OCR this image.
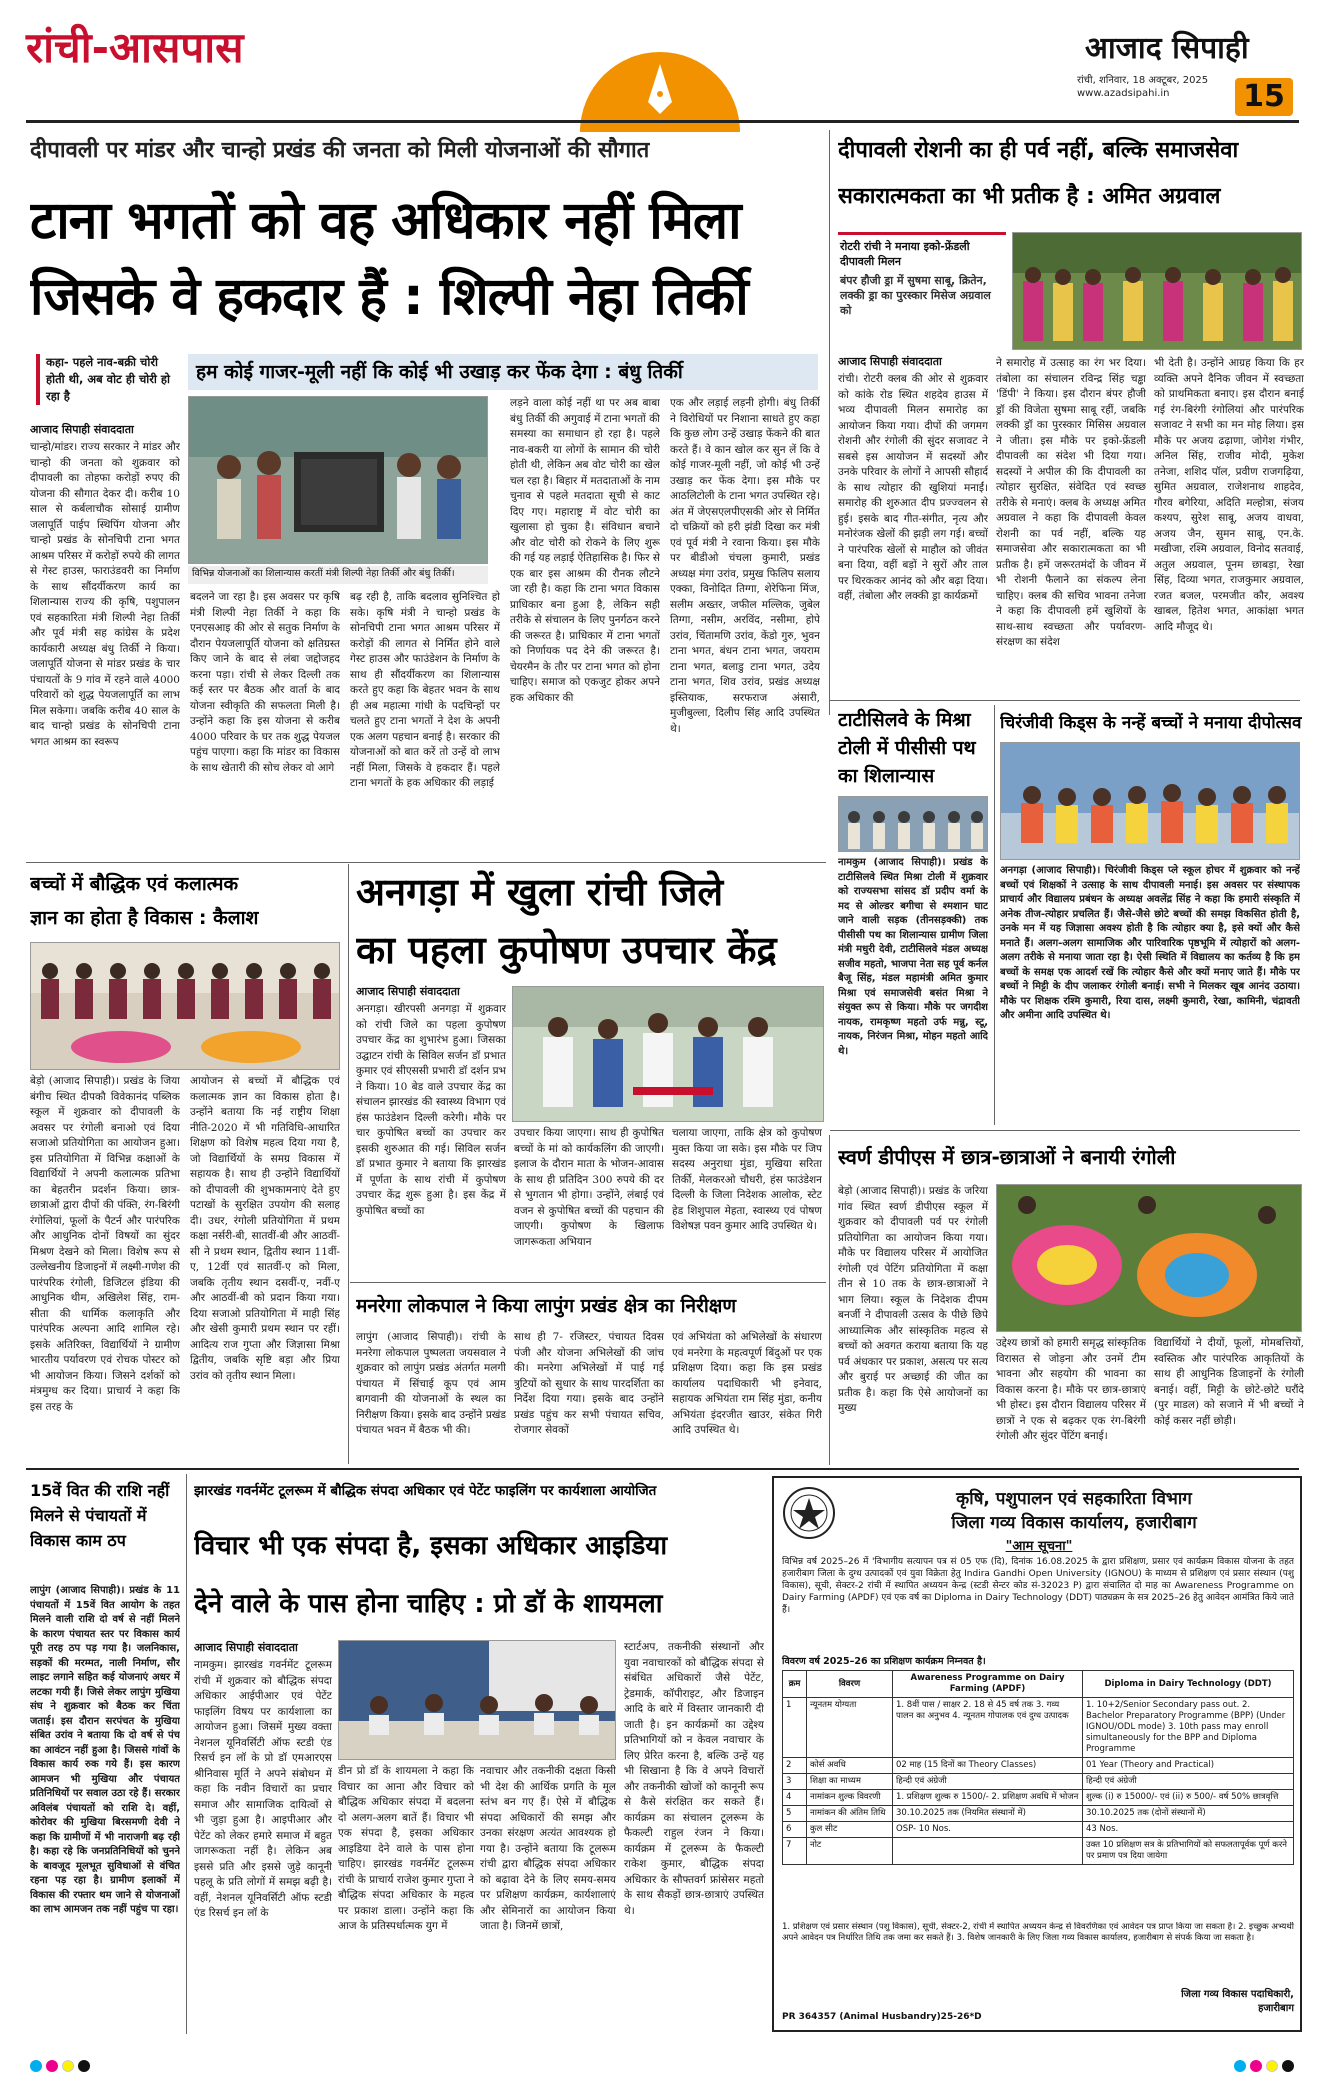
रांची-आसपास	आजाद सिपाही
रांची, शनिवार, 18 अक्टूबर, 2025
www.azadsipahi.in 15
दीपावली पर मांडर और चान्हो प्रखंड की जनता को मिली योजनाओं की सौगात
टाना भगतों को वह अधिकार नहीं मिला
जिसके वे हकदार हैं : शिल्पी नेहा तिर्की
कहा- पहले नाव-बक्री चोरी होती थी, अब वोट ही चोरी हो रहा है
हम कोई गाजर-मूली नहीं कि कोई भी उखाड़ कर फेंक देगा : बंधु तिर्की
विभिन्न योजनाओं का शिलान्यास करतीं मंत्री शिल्पी नेहा तिर्की और बंधु तिर्की।
आजाद सिपाही संवाददाता
चान्हो/मांडर। राज्य सरकार ने मांडर और चान्हो की जनता को शुक्रवार को दीपावली का तोहफा करोड़ों रुपए की योजना की सौगात देकर दी। करीब 10 साल से कर्बलाचौक सोसाई ग्रामीण जलापूर्ति पाईप स्थिपिंग योजना और चान्हो प्रखंड के सोनचिपी टाना भगत आश्रम परिसर में करोड़ों रुपये की लागत से गेस्ट हाउस, फाराउंडवरी का निर्माण के साथ सौंदर्यीकरण कार्य का शिलान्यास राज्य की कृषि, पशुपालन एवं सहकारिता मंत्री शिल्पी नेहा तिर्की और पूर्व मंत्री सह कांग्रेस के प्रदेश कार्यकारी अध्यक्ष बंधु तिर्की ने किया। जलापूर्ति योजना से मांडर प्रखंड के चार पंचायतों के 9 गांव में रहने वाले 4000 परिवारों को शुद्ध पेयजलापूर्ति का लाभ मिल सकेगा। जबकि करीब 40 साल के बाद चान्हो प्रखंड के सोनचिपी टाना भगत आश्रम का स्वरूप
बदलने जा रहा है। इस अवसर पर कृषि मंत्री शिल्पी नेहा तिर्की ने कहा कि एनएसआइ की ओर से सतुक निर्माण के दौरान पेयजलापूर्ति योजना को क्षतिग्रस्त किए जाने के बाद से लंबा जद्दोजहद करना पड़ा। रांची से लेकर दिल्ली तक कई स्तर पर बैठक और वार्ता के बाद योजना स्वीकृति की सफलता मिली है। उन्होंने कहा कि इस योजना से करीब 4000 परिवार के घर तक शुद्ध पेयजल पहुंच पाएगा। कहा कि मांडर का विकास के साथ खेतारी की सोच लेकर वो आगे
बढ़ रही है, ताकि बदलाव सुनिश्चित हो सके। कृषि मंत्री ने चान्हो प्रखंड के सोनचिपी टाना भगत आश्रम परिसर में करोड़ों की लागत से निर्मित होने वाले गेस्ट हाउस और फाउंडेशन के निर्माण के साथ ही सौंदर्यीकरण का शिलान्यास करते हुए कहा कि बेहतर भवन के साथ ही अब महात्मा गांधी के पदचिन्हों पर चलते हुए टाना भगतों ने देश के अपनी एक अलग पहचान बनाई है। सरकार की योजनाओं को बात करें तो उन्हें वो लाभ नहीं मिला, जिसके वे हकदार हैं। पहले टाना भगतों के हक अधिकार की लड़ाई
लड़ने वाला कोई नहीं था पर अब बाबा बंधु तिर्की की अगुवाई में टाना भगतों की समस्या का समाधान हो रहा है। पहले नाव-बकरी या लोगों के सामान की चोरी होती थी, लेकिन अब वोट चोरी का खेल चल रहा है। बिहार में मतदाताओं के नाम चुनाव से पहले मतदाता सूची से काट दिए गए। महाराष्ट्र में वोट चोरी का खुलासा हो चुका है। संविधान बचाने और वोट चोरी को रोकने के लिए शुरू की गई यह लड़ाई ऐतिहासिक है। फिर से एक बार इस आश्रम की रौनक लौटने जा रही है। कहा कि टाना भगत विकास प्राधिकार बना हुआ है, लेकिन सही तरीके से संचालन के लिए पुनर्गठन करने की जरूरत है। प्राधिकार में टाना भगतों को निर्णायक पद देने की जरूरत है। चेयरमैन के तौर पर टाना भगत को होना चाहिए। समाज को एकजुट होकर अपने हक अधिकार की
एक और लड़ाई लड़नी होगी। बंधु तिर्की ने विरोधियों पर निशाना साधते हुए कहा कि कुछ लोग उन्हें उखाड़ फेंकने की बात करते हैं। वे कान खोल कर सुन लें कि वे कोई गाजर-मूली नहीं, जो कोई भी उन्हें उखाड़ कर फेंक देगा। इस मौके पर आठलिटोली के टाना भगत उपस्थित रहे। अंत में जेएसएलपीएसकी ओर से निर्मित दो चक्रियों को हरी झंडी दिखा कर मंत्री एवं पूर्व मंत्री ने रवाना किया। इस मौके पर बीडीओ चंचला कुमारी, प्रखंड अध्यक्ष मंगा उरांव, प्रमुख फिलिप सलाय एक्का, विनोदित तिग्गा, शेरेफिना मिंज, सलीम अख्तर, जफील मल्लिक, जुबेल तिग्गा, नसीम, अरविंद, नसीमा, होपे उरांव, चिंतामणि उरांव, केंडो गुरु, भुवन टाना भगत, बंधन टाना भगत, जयराम टाना भगत, बलाडु टाना भगत, उदेय टाना भगत, शिव उरांव, प्रखंड अध्यक्ष इस्तियाक, सरफराज अंसारी, मुजीबुल्ला, दिलीप सिंह आदि उपस्थित थे।
दीपावली रोशनी का ही पर्व नहीं, बल्कि समाजसेवा
सकारात्मकता का भी प्रतीक है : अमित अग्रवाल
रोटरी रांची ने मनाया इको-फ्रेंडली दीपावली मिलन
बंपर हौजी ड्रा में सुषमा साबू, क्रितेन, लक्की ड्रा का पुरस्कार मिसेज अग्रवाल को
आजाद सिपाही संवाददाता
रांची। रोटरी क्लब की ओर से शुक्रवार को कांके रोड स्थित शहदेव हाउस में भव्य दीपावली मिलन समारोह का आयोजन किया गया। दीपों की जगमग रोशनी और रंगोली की सुंदर सजावट ने सबसे इस आयोजन में सदस्यों और उनके परिवार के लोगों ने आपसी सौहार्द के साथ त्योहार की खुशियां मनाईं। समारोह की शुरुआत दीप प्रज्ज्वलन से हुई। इसके बाद गीत-संगीत, नृत्य और मनोरंजक खेलों की झड़ी लग गई। बच्चों ने पारंपरिक खेलों से माहौल को जीवंत बना दिया, वहीं बड़ों ने सुरों और ताल पर थिरककर आनंद को और बढ़ा दिया। वहीं, तंबोला और लक्की ड्रा कार्यक्रमों
ने समारोह में उत्साह का रंग भर दिया। तंबोला का संचालन रविन्द्र सिंह चड्ढा 'डिंपी' ने किया। इस दौरान बंपर हौजी ड्रॉ की विजेता सुषमा साबू रहीं, जबकि लक्की ड्रॉ का पुरस्कार मिसिस अग्रवाल ने जीता। इस मौके पर इको-फ्रेंडली दीपावली का संदेश भी दिया गया। सदस्यों ने अपील की कि दीपावली का त्योहार सुरक्षित, संवेदित एवं स्वच्छ तरीके से मनाएं। क्लब के अध्यक्ष अमित अग्रवाल ने कहा कि दीपावली केवल रोशनी का पर्व नहीं, बल्कि यह समाजसेवा और सकारात्मकता का भी प्रतीक है। हमें जरूरतमंदों के जीवन में भी रोशनी फैलाने का संकल्प लेना चाहिए। क्लब की सचिव भावना तनेजा ने कहा कि दीपावली हमें खुशियों के साथ-साथ स्वच्छता और पर्यावरण-संरक्षण का संदेश
भी देती है। उन्होंने आग्रह किया कि हर व्यक्ति अपने दैनिक जीवन में स्वच्छता को प्राथमिकता बनाए। इस दौरान बनाई गई रंग-बिरंगी रंगोलियां और पारंपरिक सजावट ने सभी का मन मोह लिया। इस मौके पर अजय ढढ़ाणा, जोगेश गंभीर, अनिल सिंह, राजीव मोदी, मुकेश तनेजा, शशिद पॉल, प्रवीण राजगढ़िया, सुमित अग्रवाल, राजेशनाथ शाहदेव, गौरव बगेरिया, अदिति मल्होत्रा, संजय कश्यप, सुरेश साबू, अजय वाधवा, अजय जैन, सुमन साबू, एन.के. मखीजा, रश्मि अग्रवाल, विनोद सतवाई, अतुल अग्रवाल, पूनम छाबड़ा, रेखा सिंह, दिव्या भगत, राजकुमार अग्रवाल, रजत बजल, परमजीत कौर, अवश्य खाबल, हितेश भगत, आकांक्षा भगत आदि मौजूद थे।
टाटीसिलवे के मिश्रा टोली में पीसीसी पथ का शिलान्यास
नामकुम (आजाद सिपाही)। प्रखंड के टाटीसिलवे स्थित मिश्रा टोली में शुक्रवार को राज्यसभा सांसद डॉ प्रदीप वर्मा के मद से ओल्डर बगीचा से श्मशान घाट जाने वाली सड़क (तीनसड़क्की) तक पीसीसी पथ का शिलान्यास ग्रामीण जिला मंत्री मधुरी देवी, टाटीसिलवे मंडल अध्यक्ष सजीव महतो, भाजपा नेता सह पूर्व कर्नल बैजू सिंह, मंडल महामंत्री अमित कुमार मिश्रा एवं समाजसेवी बसंत मिश्रा ने संयुक्त रूप से किया। मौके पर जगदीश नायक, रामकृष्ण महतो उर्फ मन्नु, स्टू, नायक, निरंजन मिश्रा, मोहन महतो आदि थे।
चिरंजीवी किड्स के नन्हें बच्चों ने मनाया दीपोत्सव
अनगड़ा (आजाद सिपाही)। चिरंजीवी किड्स प्ले स्कूल होचर में शुक्रवार को नन्हें बच्चों एवं शिक्षकों ने उत्साह के साथ दीपावली मनाई। इस अवसर पर संस्थापक प्राचार्य और विद्यालय प्रबंधन के अध्यक्ष अवलेंद्र सिंह ने कहा कि हमारी संस्कृति में अनेक तीज-त्योहार प्रचलित हैं। जैसे-जैसे छोटे बच्चों की समझ विकसित होती है, उनके मन में यह जिज्ञासा अवश्य होती है कि त्योहार क्या है, इसे क्यों और कैसे मनाते हैं। अलग-अलग सामाजिक और पारिवारिक पृष्ठभूमि में त्योहारों को अलग-अलग तरीके से मनाया जाता रहा है। ऐसी स्थिति में विद्यालय का कर्तव्य है कि हम बच्चों के समक्ष एक आदर्श रखें कि त्योहार कैसे और क्यों मनाए जाते हैं। मौके पर बच्चों ने मिट्टी के दीप जलाकर रंगोली बनाई। सभी ने मिलकर खूब आनंद उठाया। मौके पर शिक्षक रश्मि कुमारी, रिया दास, लक्ष्मी कुमारी, रेखा, कामिनी, चंद्रावती और अमीना आदि उपस्थित थे।
बच्चों में बौद्धिक एवं कलात्मक
ज्ञान का होता है विकास : कैलाश
बेड़ो (आजाद सिपाही)। प्रखंड के जिया बंगीच स्थित दीपकौ विवेकानंद पब्लिक स्कूल में शुक्रवार को दीपावली के अवसर पर रंगोली बनाओ एवं दिया सजाओ प्रतियोगिता का आयोजन हुआ। इस प्रतियोगिता में विभिन्न कक्षाओं के विद्यार्थियों ने अपनी कलात्मक प्रतिभा का बेहतरीन प्रदर्शन किया। छात्र-छात्राओं द्वारा दीपों की पंक्ति, रंग-बिरंगी रंगोलियां, फूलों के पैटर्न और पारंपरिक और आधुनिक दोनों विषयों का सुंदर मिश्रण देखने को मिला। विशेष रूप से उल्लेखनीय डिजाइनों में लक्ष्मी-गणेश की पारंपरिक रंगोली, डिजिटल इंडिया की आधुनिक थीम, अखिलेश सिंह, राम-सीता की धार्मिक कलाकृति और पारंपरिक अल्पना आदि शामिल रहे। इसके अतिरिक्त, विद्यार्थियों ने ग्रामीण भारतीय पर्यावरण एवं रोचक पोस्टर को भी आयोजन किया। जिसने दर्शकों को मंत्रमुग्ध कर दिया। प्राचार्य ने कहा कि इस तरह के
आयोजन से बच्चों में बौद्धिक एवं कलात्मक ज्ञान का विकास होता है। उन्होंने बताया कि नई राष्ट्रीय शिक्षा नीति-2020 में भी गतिविधि-आधारित शिक्षण को विशेष महत्व दिया गया है, जो विद्यार्थियों के समग्र विकास में सहायक है। साथ ही उन्होंने विद्यार्थियों को दीपावली की शुभकामनाएं देते हुए पटाखों के सुरक्षित उपयोग की सलाह दी। उधर, रंगोली प्रतियोगिता में प्रथम कक्षा नर्सरी-बी, सातवीं-बी और आठवीं-सी ने प्रथम स्थान, द्वितीय स्थान 11वीं-ए, 12वीं एवं सातवीं-ए को मिला, जबकि तृतीय स्थान दसवीं-ए, नवीं-ए और आठवीं-बी को प्रदान किया गया। दिया सजाओ प्रतियोगिता में माही सिंह और खेसी कुमारी प्रथम स्थान पर रहीं। आदित्य राज गुप्ता और जिज्ञासा मिश्रा द्वितीय, जबकि सृष्टि बड़ा और प्रिया उरांव को तृतीय स्थान मिला।
अनगड़ा में खुला रांची जिले
का पहला कुपोषण उपचार केंद्र
आजाद सिपाही संवाददाता
अनगड़ा। खीरपसी अनगड़ा में शुक्रवार को रांची जिले का पहला कुपोषण उपचार केंद्र का शुभारंभ हुआ। जिसका उद्घाटन रांची के सिविल सर्जन डॉ प्रभात कुमार एवं सीएससी प्रभारी डॉ दर्शन प्रभ ने किया। 10 बेड वाले उपचार केंद्र का संचालन झारखंड की स्वास्थ्य विभाग एवं हंस फाउंडेशन दिल्ली करेगी। मौके पर चार कुपोषित बच्चों का उपचार कर इसकी शुरुआत की गई। सिविल सर्जन डॉ प्रभात कुमार ने बताया कि झारखंड में पूर्णता के साथ रांची में कुपोषण उपचार केंद्र शुरू हुआ है। इस केंद्र में कुपोषित बच्चों का
उपचार किया जाएगा। साथ ही कुपोषित बच्चों के मां को कार्यकलिंग की जाएगी। इलाज के दौरान माता के भोजन-आवास के साथ ही प्रतिदिन 300 रुपये की दर से भुगतान भी होगा। उन्होंने, लंबाई एवं वजन से कुपोषित बच्चों की पहचान की जाएगी। कुपोषण के खिलाफ जागरूकता अभियान
चलाया जाएगा, ताकि क्षेत्र को कुपोषण मुक्त किया जा सके। इस मौके पर जिप सदस्य अनुराधा मुंडा, मुखिया सरिता तिर्की, मेलकरओ चौधरी, हंस फाउंडेशन दिल्ली के जिला निदेशक आलोक, स्टेट हेड शिशुपाल मेहता, स्वास्थ्य एवं पोषण विशेषज्ञ पवन कुमार आदि उपस्थित थे।
मनरेगा लोकपाल ने किया लापुंग प्रखंड क्षेत्र का निरीक्षण
लापुंग (आजाद सिपाही)। रांची के मनरेगा लोकपाल पुष्पलता जयसवाल ने शुक्रवार को लापुंग प्रखंड अंतर्गत मलगी पंचायत में सिंचाई कूप एवं आम बागवानी की योजनाओं के स्थल का निरीक्षण किया। इसके बाद उन्होंने प्रखंड पंचायत भवन में बैठक भी की।
साथ ही 7- रजिस्टर, पंचायत दिवस पंजी और योजना अभिलेखों की जांच की। मनरेगा अभिलेखों में पाई गई त्रुटियों को सुधार के साथ पारदर्शिता का निर्देश दिया गया। इसके बाद उन्होंने प्रखंड पहुंच कर सभी पंचायत सचिव, रोजगार सेवकों
एवं अभियंता को अभिलेखों के संधारण एवं मनरेगा के महत्वपूर्ण बिंदुओं पर एक प्रशिक्षण दिया। कहा कि इस प्रखंड कार्यालय पदाधिकारी भी इनेवाद, सहायक अभियंता राम सिंह मुंडा, कनीय अभियंता इंदरजीत खाउर, संकेत गिरी आदि उपस्थित थे।
स्वर्ण डीपीएस में छात्र-छात्राओं ने बनायी रंगोली
बेड़ो (आजाद सिपाही)। प्रखंड के जरिया गांव स्थित स्वर्ण डीपीएस स्कूल में शुक्रवार को दीपावली पर्व पर रंगोली प्रतियोगिता का आयोजन किया गया। मौके पर विद्यालय परिसर में आयोजित रंगोली एवं पेटिंग प्रतियोगिता में कक्षा तीन से 10 तक के छात्र-छात्राओं ने भाग लिया। स्कूल के निदेशक दीपम बनर्जी ने दीपावली उत्सव के पीछे छिपे आध्यात्मिक और सांस्कृतिक महत्व से बच्चों को अवगत कराया बताया कि यह पर्व अंधकार पर प्रकाश, असत्य पर सत्य और बुराई पर अच्छाई की जीत का प्रतीक है। कहा कि ऐसे आयोजनों का मुख्य
उद्देश्य छात्रों को हमारी समृद्ध सांस्कृतिक विरासत से जोड़ना और उनमें टीम भावना और सहयोग की भावना का विकास करना है। मौके पर छात्र-छात्राएं भी होस्ट। इस दौरान विद्यालय परिसर में छात्रों ने एक से बढ़कर एक रंग-बिरंगी रंगोली और सुंदर पेंटिंग बनाई।
विद्यार्थियों ने दीयों, फूलों, मोमबत्तियों, स्वस्तिक और पारंपरिक आकृतियों के साथ ही आधुनिक डिजाइनों के रंगोली बनाई। वहीं, मिट्टी के छोटे-छोटे घरौंदे (पुर माडल) को सजाने में भी बच्चों ने कोई कसर नहीं छोड़ी।
15वें वित की राशि नहीं मिलने से पंचायतों में विकास काम ठप
लापुंग (आजाद सिपाही)। प्रखंड के 11 पंचायतों में 15वें वित आयोग के तहत मिलने वाली राशि दो वर्ष से नहीं मिलने के कारण पंचायत स्तर पर विकास कार्य पूरी तरह ठप पड़ गया है। जलनिकास, सड़कों की मरम्मत, नाली निर्माण, सौर लाइट लगाने सहित कई योजनाएं अधर में लटका गयी हैं। जिसे लेकर लापुंग मुखिया संघ ने शुक्रवार को बैठक कर चिंता जताई। इस दौरान सरपंचत के मुखिया संबित उरांव ने बताया कि दो वर्ष से पंच का आवंटन नहीं हुआ है। जिससे गांवों के विकास कार्य रुक गये हैं। इस कारण आमजन भी मुखिया और पंचायत प्रतिनिधियों पर सवाल उठा रहे हैं। सरकार अविलंब पंचायतों को राशि दे। वहीं, कोरोवर की मुखिया बिरसमणी देवी ने कहा कि ग्रामीणों में भी नाराजगी बढ़ रही है। कहा रहे कि जनप्रतिनिधियों को चुनने के बावजूद मूलभूत सुविधाओं से वंचित रहना पड़ रहा है। ग्रामीण इलाकों में विकास की रफ्तार थम जाने से योजनाओं का लाभ आमजन तक नहीं पहुंच पा रहा।
झारखंड गवर्नमेंट टूलरूम में बौद्धिक संपदा अधिकार एवं पेटेंट फाइलिंग पर कार्यशाला आयोजित
विचार भी एक संपदा है, इसका अधिकार आइडिया
देने वाले के पास होना चाहिए : प्रो डॉ के शायमला
आजाद सिपाही संवाददाता
नामकुम। झारखंड गवर्नमेंट टूलरूम रांची में शुक्रवार को बौद्धिक संपदा अधिकार आईपीआर एवं पेटेंट फाइलिंग विषय पर कार्यशाला का आयोजन हुआ। जिसमें मुख्य वक्ता नेशनल यूनिवर्सिटी ऑफ स्टडी एंड रिसर्च इन लॉ के प्रो डॉ एमआरएस श्रीनिवास मूर्ति ने अपने संबोधन में कहा कि नवीन विचारों का प्रचार समाज और सामाजिक दायित्वों से भी जुड़ा हुआ है। आइपीआर और पेटेंट को लेकर हमारे समाज में बहुत जागरूकता नहीं है। लेकिन अब इससे प्रति और इससे जुड़े कानूनी पहलू के प्रति लोगों में समझ बढ़ी है। वहीं, नेशनल यूनिवर्सिटी ऑफ स्टडी एंड रिसर्च इन लॉ के
डीन प्रो डॉ के शायमला ने कहा कि विचार का आना और विचार को बौद्धिक अधिकार संपदा में बदलना दो अलग-अलग बातें हैं। विचार भी एक संपदा है, इसका अधिकार आइडिया देने वाले के पास होना चाहिए। झारखंड गवर्नमेंट टूलरूम रांची के प्राचार्य राजेश कुमार गुप्ता ने बौद्धिक संपदा अधिकार के महत्व पर प्रकाश डाला। उन्होंने कहा कि आज के प्रतिस्पर्धात्मक युग में
नवाचार और तकनीकी दक्षता किसी भी देश की आर्थिक प्रगति के मूल स्तंभ बन गए हैं। ऐसे में बौद्धिक संपदा अधिकारों की समझ और उनका संरक्षण अत्यंत आवश्यक हो गया है। उन्होंने बताया कि टूलरूम रांची द्वारा बौद्धिक संपदा अधिकार को बढ़ावा देने के लिए समय-समय पर प्रशिक्षण कार्यक्रम, कार्यशालाएं और सेमिनारों का आयोजन किया जाता है। जिनमें छात्रों,
स्टार्टअप, तकनीकी संस्थानों और युवा नवाचारकों को बौद्धिक संपदा से संबंधित अधिकारों जैसे पेटेंट, ट्रेडमार्क, कॉपीराइट, और डिजाइन आदि के बारे में विस्तार जानकारी दी जाती है। इन कार्यक्रमों का उद्देश्य प्रतिभागियों को न केवल नवाचार के लिए प्रेरित करना है, बल्कि उन्हें यह भी सिखाना है कि वे अपने विचारों और तकनीकी खोजों को कानूनी रूप से कैसे संरक्षित कर सकते हैं। कार्यक्रम का संचालन टूलरूम के फैकल्टी राहुल रंजन ने किया। कार्यक्रम में टूलरूम के फैकल्टी राकेश कुमार, बौद्धिक संपदा अधिकार के सौफ्तवर्ग फ्रांसेसर महतो के साथ सैकड़ों छात्र-छात्राएं उपस्थित थे।
कृषि, पशुपालन एवं सहकारिता विभाग
जिला गव्य विकास कार्यालय, हजारीबाग
"आम सूचना"
विभिन्न वर्ष 2025–26 में 'विभागीय सत्यापन पत्र सं 05 एफ (दि), दिनांक 16.08.2025 के द्वारा प्रशिक्षण, प्रसार एवं कार्यक्रम विकास योजना के तहत हजारीबाग जिला के दुग्ध उत्पादकों एवं युवा विक्रेता हेतु Indira Gandhi Open University (IGNOU) के माध्यम से प्रशिक्षण एवं प्रसार संस्थान (पशु विकास), सूची, सेक्टर-2 रांची में स्थापित अध्ययन केन्द्र (स्टडी सेन्टर कोड सं-32023 P) द्वारा संचालित दो माह का Awareness Programme on Dairy Farming (APDF) एवं एक वर्ष का Diploma in Dairy Technology (DDT) पाठ्यक्रम के सत्र 2025–26 हेतु आवेदन आमंत्रित किये जाते हैं।
विवरण वर्ष 2025–26 का प्रशिक्षण कार्यक्रम निम्नवत है।
क्रम	विवरण	Awareness Programme on Dairy Farming (APDF)	Diploma in Dairy Technology (DDT)
1	न्यूनतम योग्यता	1. 8वीं पास / साक्षर 2. 18 से 45 वर्ष तक 3. गव्य पालन का अनुभव 4. न्यूनतम गोपालक एवं दुग्ध उत्पादक	1. 10+2/Senior Secondary pass out. 2. Bachelor Preparatory Programme (BPP) (Under IGNOU/ODL mode) 3. 10th pass may enroll simultaneously for the BPP and Diploma Programme
2	कोर्स अवधि	02 माह (15 दिनों का Theory Classes)	01 Year (Theory and Practical)
3	शिक्षा का माध्यम	हिन्दी एवं अंग्रेजी	हिन्दी एवं अंग्रेजी
4	नामांकन शुल्क विवरणी	1. प्रशिक्षण शुल्क रु 1500/- 2. प्रशिक्षण अवधि में भोजन	शुल्क (i) रु 15000/- एवं (ii) रु 500/- वर्ष 50% छात्रवृत्ति
5	नामांकन की अंतिम तिथि	30.10.2025 तक (नियमित संस्थानों में)	30.10.2025 तक (दोनों संस्थानों में)
6	कुल सीट	OSP- 10 Nos.	43 Nos.
7	नोट		उक्त 10 प्रशिक्षण सत्र के प्रतिभागियों को सफलतापूर्वक पूर्ण करने पर प्रमाण पत्र दिया जायेगा
1. प्रशिक्षण एवं प्रसार संस्थान (पशु विकास), सूची, सेक्टर-2, रांची में स्थापित अध्ययन केन्द्र से विवरणिका एवं आवेदन पत्र प्राप्त किया जा सकता है। 2. इच्छुक अभ्यर्थी अपने आवेदन पत्र निर्धारित तिथि तक जमा कर सकते हैं। 3. विशेष जानकारी के लिए जिला गव्य विकास कार्यालय, हजारीबाग से संपर्क किया जा सकता है।
जिला गव्य विकास पदाधिकारी,
हजारीबाग
PR 364357 (Animal Husbandry)25-26*D
